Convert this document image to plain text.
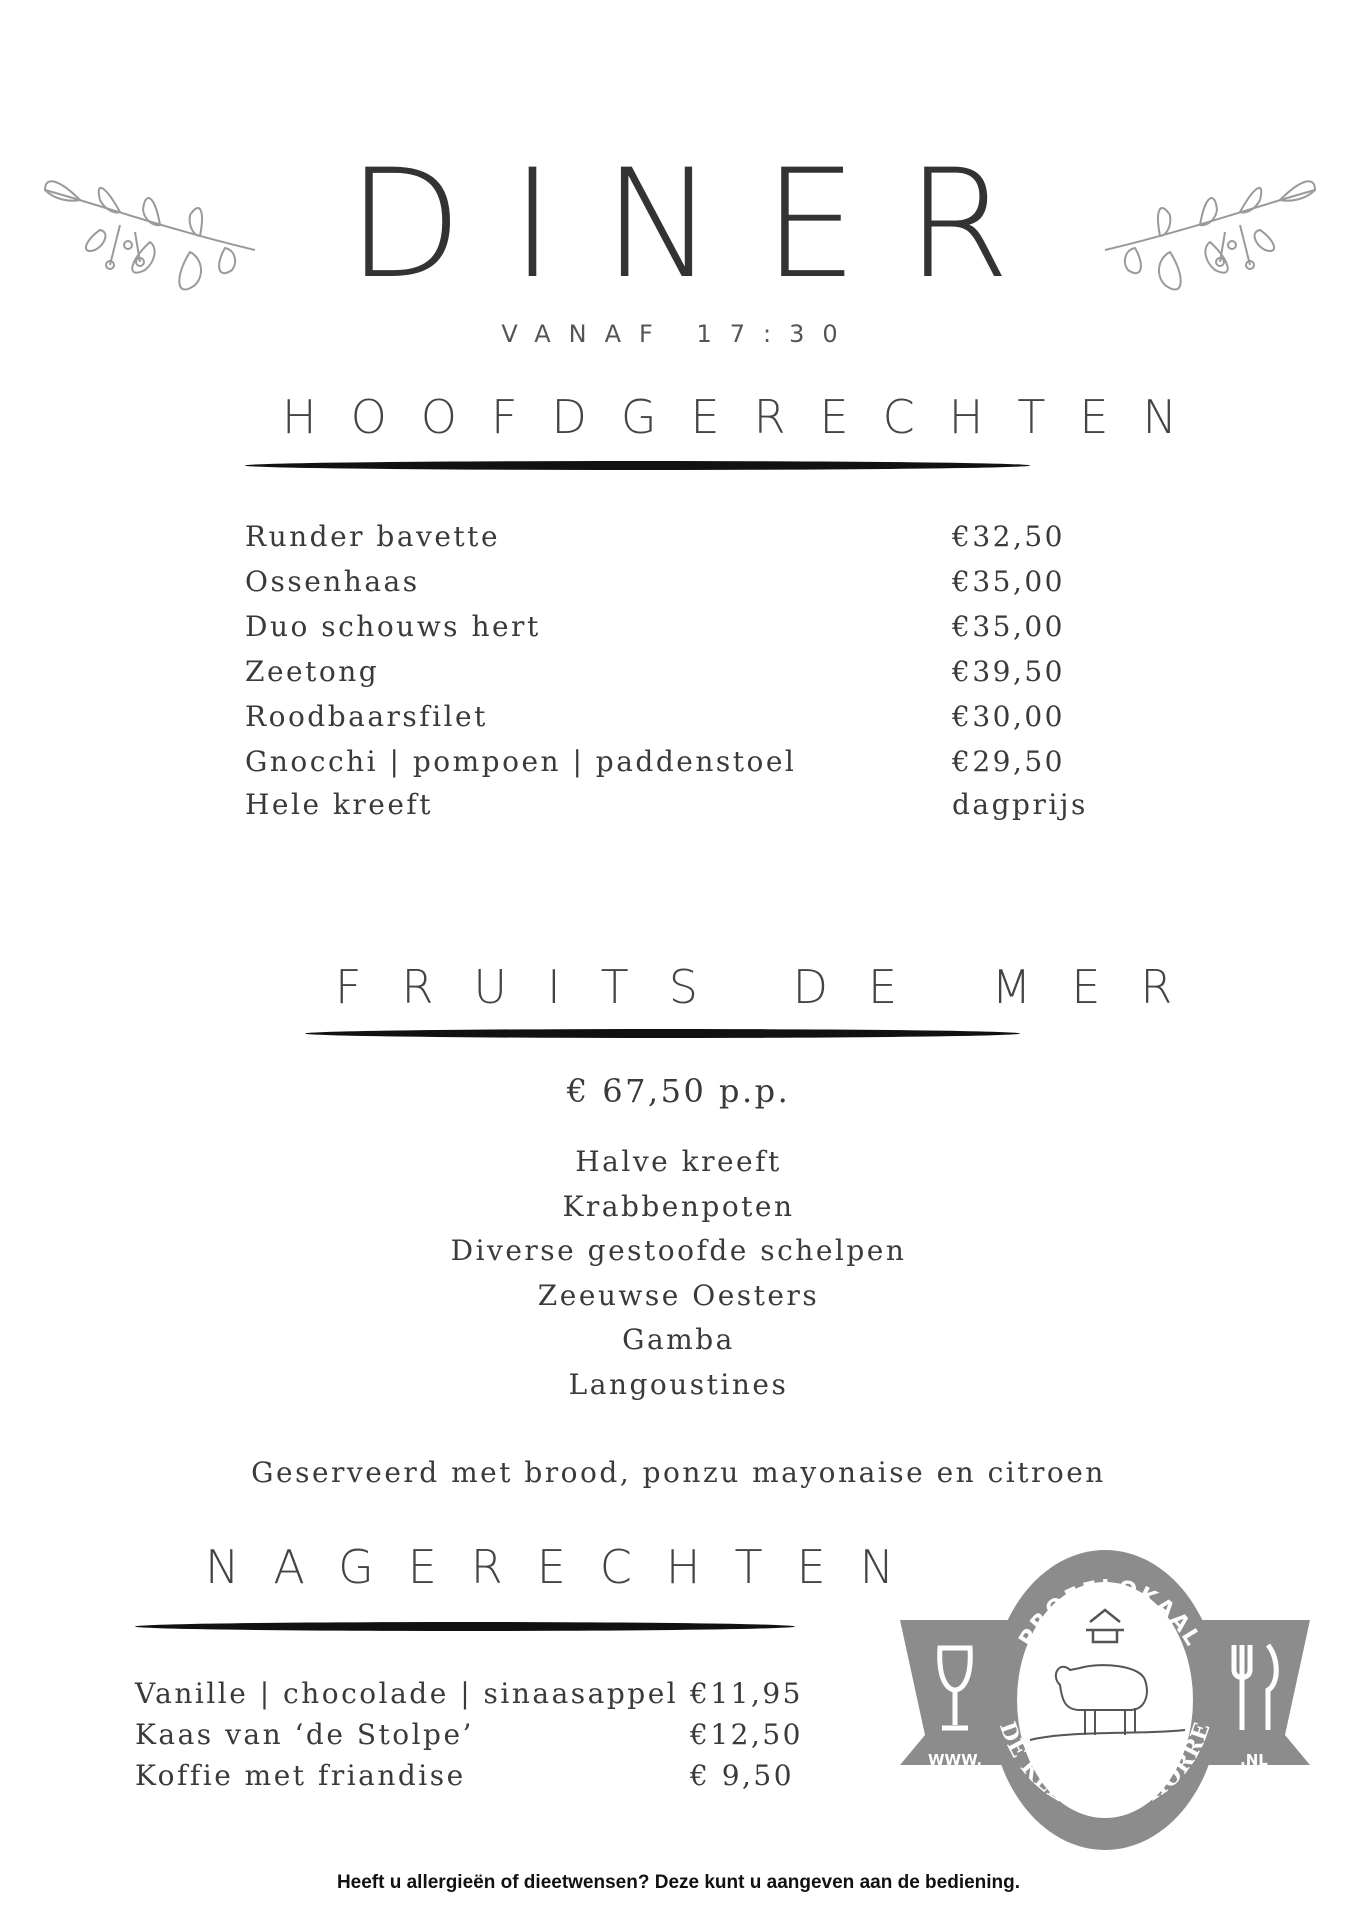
DINER
VANAF 17:30
HOOFDGERECHTEN
Runder bavette	€32,50
Ossenhaas	€35,00
Duo schouws hert	€35,00
Zeetong	€39,50
Roodbaarsfilet	€30,00
Gnocchi | pompoen | paddenstoel	€29,50
Hele kreeft	dagprijs
FRUITS DE MER
€ 67,50 p.p.
Halve kreeft
Krabbenpoten
Diverse gestoofde schelpen
Zeeuwse Oesters
Gamba
Langoustines
Geserveerd met brood, ponzu mayonaise en citroen
NAGERECHTEN
Vanille | chocolade | sinaasappel €11,95
Kaas van ‘de Stolpe’	€12,50
Koffie met friandise	€ 9,50
PROEFLOKAAL
DE KLEINE SCHORRE
WWW.	.NL
Heeft u allergieën of dieetwensen? Deze kunt u aangeven aan de bediening.
